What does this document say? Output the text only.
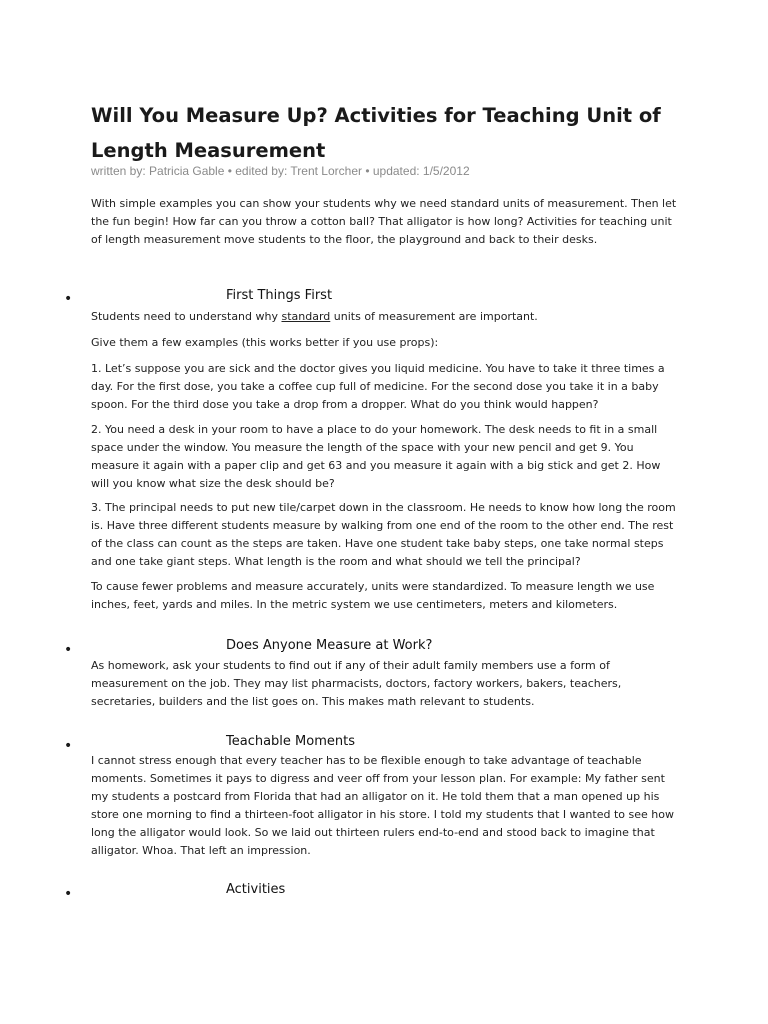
Will You Measure Up? Activities for Teaching Unit of Length Measurement
written by: Patricia Gable • edited by: Trent Lorcher • updated: 1/5/2012

With simple examples you can show your students why we need standard units of measurement. Then let the fun begin! How far can you throw a cotton ball? That alligator is how long? Activities for teaching unit of length measurement move students to the floor, the playground and back to their desks.

•	First Things First

Students need to understand why standard units of measurement are important.

Give them a few examples (this works better if you use props):

1. Let’s suppose you are sick and the doctor gives you liquid medicine. You have to take it three times a day. For the first dose, you take a coffee cup full of medicine. For the second dose you take it in a baby spoon. For the third dose you take a drop from a dropper. What do you think would happen?

2. You need a desk in your room to have a place to do your homework. The desk needs to fit in a small space under the window. You measure the length of the space with your new pencil and get 9. You measure it again with a paper clip and get 63 and you measure it again with a big stick and get 2. How will you know what size the desk should be?

3. The principal needs to put new tile/carpet down in the classroom. He needs to know how long the room is. Have three different students measure by walking from one end of the room to the other end. The rest of the class can count as the steps are taken. Have one student take baby steps, one take normal steps and one take giant steps. What length is the room and what should we tell the principal?

To cause fewer problems and measure accurately, units were standardized. To measure length we use inches, feet, yards and miles. In the metric system we use centimeters, meters and kilometers.

•	Does Anyone Measure at Work?

As homework, ask your students to find out if any of their adult family members use a form of measurement on the job. They may list pharmacists, doctors, factory workers, bakers, teachers, secretaries, builders and the list goes on. This makes math relevant to students.

•	Teachable Moments

I cannot stress enough that every teacher has to be flexible enough to take advantage of teachable moments. Sometimes it pays to digress and veer off from your lesson plan. For example: My father sent my students a postcard from Florida that had an alligator on it. He told them that a man opened up his store one morning to find a thirteen-foot alligator in his store. I told my students that I wanted to see how long the alligator would look. So we laid out thirteen rulers end-to-end and stood back to imagine that alligator. Whoa. That left an impression.

•	Activities
